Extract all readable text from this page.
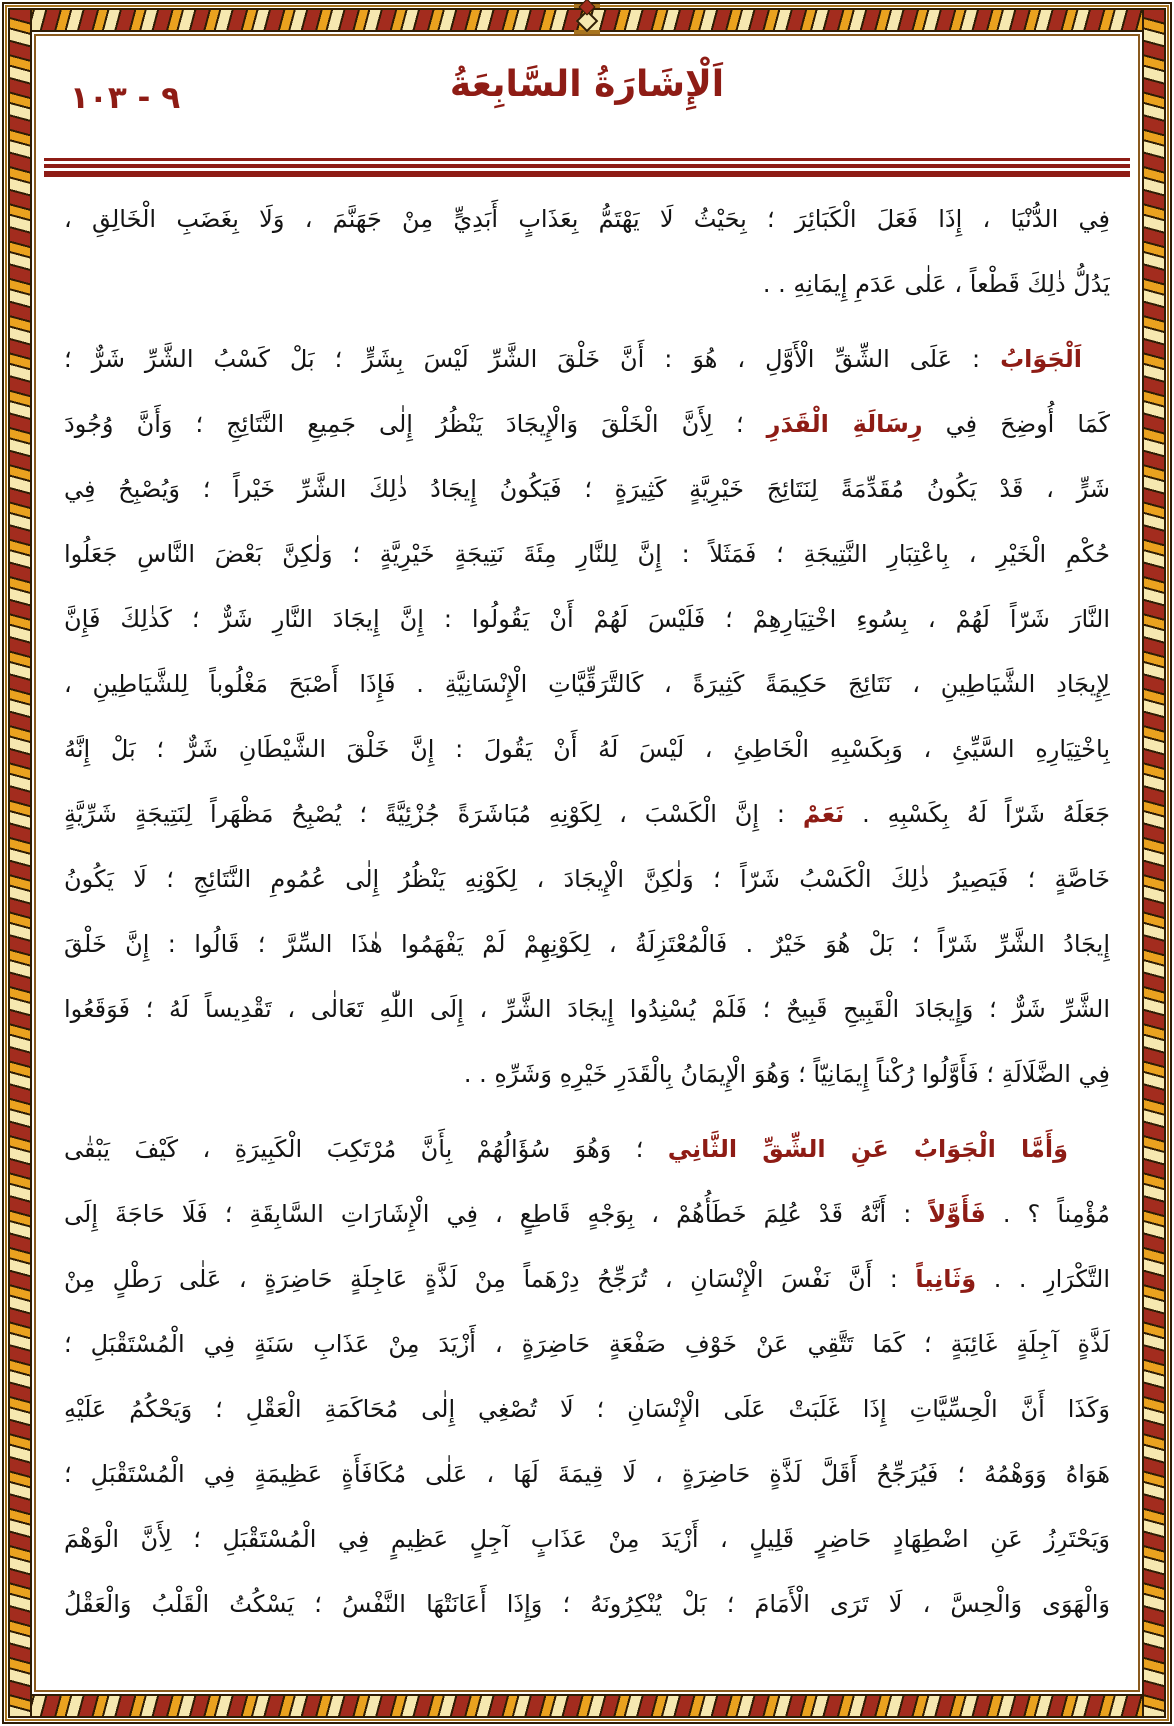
٩ - ١٠٣	اَلْإِشَارَةُ السَّابِعَةُ
فِي الدُّنْيَا ، إِذَا فَعَلَ الْكَبَائِرَ ؛ بِحَيْثُ لَا يَهْتَمُّ بِعَذَابٍ أَبَدِيٍّ مِنْ جَهَنَّمَ ، وَلَا بِغَضَبِ الْخَالِقِ ،
يَدُلُّ ذٰلِكَ قَطْعاً ، عَلٰى عَدَمِ إِيمَانِهِ . .
اَلْجَوَابُ : عَلَى الشِّقِّ الْأَوَّلِ ، هُوَ : أَنَّ خَلْقَ الشَّرِّ لَيْسَ بِشَرٍّ ؛ بَلْ كَسْبُ الشَّرِّ شَرٌّ ؛
كَمَا أُوضِحَ فِي رِسَالَةِ الْقَدَرِ ؛ لِأَنَّ الْخَلْقَ وَالْإِيجَادَ يَنْظُرُ إِلٰى جَمِيعِ النَّتَائِجِ ؛ وَأَنَّ وُجُودَ
شَرٍّ ، قَدْ يَكُونُ مُقَدِّمَةً لِنَتَائِجَ خَيْرِيَّةٍ كَثِيرَةٍ ؛ فَيَكُونُ إِيجَادُ ذٰلِكَ الشَّرِّ خَيْراً ؛ وَيُصْبِحُ فِي
حُكْمِ الْخَيْرِ ، بِاعْتِبَارِ النَّتِيجَةِ ؛ فَمَثَلاً : إِنَّ لِلنَّارِ مِئَةَ نَتِيجَةٍ خَيْرِيَّةٍ ؛ وَلٰكِنَّ بَعْضَ النَّاسِ جَعَلُوا
النَّارَ شَرّاً لَهُمْ ، بِسُوءِ اخْتِيَارِهِمْ ؛ فَلَيْسَ لَهُمْ أَنْ يَقُولُوا : إِنَّ إِيجَادَ النَّارِ شَرٌّ ؛ كَذٰلِكَ فَإِنَّ
لِإِيجَادِ الشَّيَاطِينِ ، نَتَائِجَ حَكِيمَةً كَثِيرَةً ، كَالتَّرَقِّيَّاتِ الْإِنْسَانِيَّةِ . فَإِذَا أَصْبَحَ مَغْلُوباً لِلشَّيَاطِينِ ،
بِاخْتِيَارِهِ السَّيِّئِ ، وَبِكَسْبِهِ الْخَاطِئِ ، لَيْسَ لَهُ أَنْ يَقُولَ : إِنَّ خَلْقَ الشَّيْطَانِ شَرٌّ ؛ بَلْ إِنَّهُ
جَعَلَهُ شَرّاً لَهُ بِكَسْبِهِ . نَعَمْ : إِنَّ الْكَسْبَ ، لِكَوْنِهِ مُبَاشَرَةً جُزْئِيَّةً ؛ يُصْبِحُ مَظْهَراً لِنَتِيجَةٍ شَرِّيَّةٍ
خَاصَّةٍ ؛ فَيَصِيرُ ذٰلِكَ الْكَسْبُ شَرّاً ؛ وَلٰكِنَّ الْإِيجَادَ ، لِكَوْنِهِ يَنْظُرُ إِلٰى عُمُومِ النَّتَائِجِ ؛ لَا يَكُونُ
إِيجَادُ الشَّرِّ شَرّاً ؛ بَلْ هُوَ خَيْرٌ . فَالْمُعْتَزِلَةُ ، لِكَوْنِهِمْ لَمْ يَفْهَمُوا هٰذَا السِّرَّ ؛ قَالُوا : إِنَّ خَلْقَ
الشَّرِّ شَرٌّ ؛ وَإِيجَادَ الْقَبِيحِ قَبِيحٌ ؛ فَلَمْ يُسْنِدُوا إِيجَادَ الشَّرِّ ، إِلَى اللّٰهِ تَعَالٰى ، تَقْدِيساً لَهُ ؛ فَوَقَعُوا
فِي الضَّلَالَةِ ؛ فَأَوَّلُوا رُكْناً إِيمَانِيّاً ؛ وَهُوَ الْإِيمَانُ بِالْقَدَرِ خَيْرِهِ وَشَرِّهِ . .
وَأَمَّا الْجَوَابُ عَنِ الشِّقِّ الثَّانِي ؛ وَهُوَ سُؤَالُهُمْ بِأَنَّ مُرْتَكِبَ الْكَبِيرَةِ ، كَيْفَ يَبْقٰى
مُؤْمِناً ؟ . فَأَوَّلاً : أَنَّهُ قَدْ عُلِمَ خَطَأُهُمْ ، بِوَجْهٍ قَاطِعٍ ، فِي الْإِشَارَاتِ السَّابِقَةِ ؛ فَلَا حَاجَةَ إِلَى
التَّكْرَارِ . . وَثَانِياً : أَنَّ نَفْسَ الْإِنْسَانِ ، تُرَجِّحُ دِرْهَماً مِنْ لَذَّةٍ عَاجِلَةٍ حَاضِرَةٍ ، عَلٰى رَطْلٍ مِنْ
لَذَّةٍ آجِلَةٍ غَائِبَةٍ ؛ كَمَا تَتَّقِي عَنْ خَوْفِ صَفْعَةٍ حَاضِرَةٍ ، أَزْيَدَ مِنْ عَذَابِ سَنَةٍ فِي الْمُسْتَقْبَلِ ؛
وَكَذَا أَنَّ الْحِسِّيَّاتِ إِذَا غَلَبَتْ عَلَى الْإِنْسَانِ ؛ لَا تُصْغِي إِلٰى مُحَاكَمَةِ الْعَقْلِ ؛ وَيَحْكُمُ عَلَيْهِ
هَوَاهُ وَوَهْمُهُ ؛ فَيُرَجِّحُ أَقَلَّ لَذَّةٍ حَاضِرَةٍ ، لَا قِيمَةَ لَهَا ، عَلٰى مُكَافَأَةٍ عَظِيمَةٍ فِي الْمُسْتَقْبَلِ ؛
وَيَحْتَرِزُ عَنِ اضْطِهَادٍ حَاضِرٍ قَلِيلٍ ، أَزْيَدَ مِنْ عَذَابٍ آجِلٍ عَظِيمٍ فِي الْمُسْتَقْبَلِ ؛ لِأَنَّ الْوَهْمَ
وَالْهَوَى وَالْحِسَّ ، لَا تَرَى الْأَمَامَ ؛ بَلْ يُنْكِرُونَهُ ؛ وَإِذَا أَعَانَتْهَا النَّفْسُ ؛ يَسْكُتُ الْقَلْبُ وَالْعَقْلُ
